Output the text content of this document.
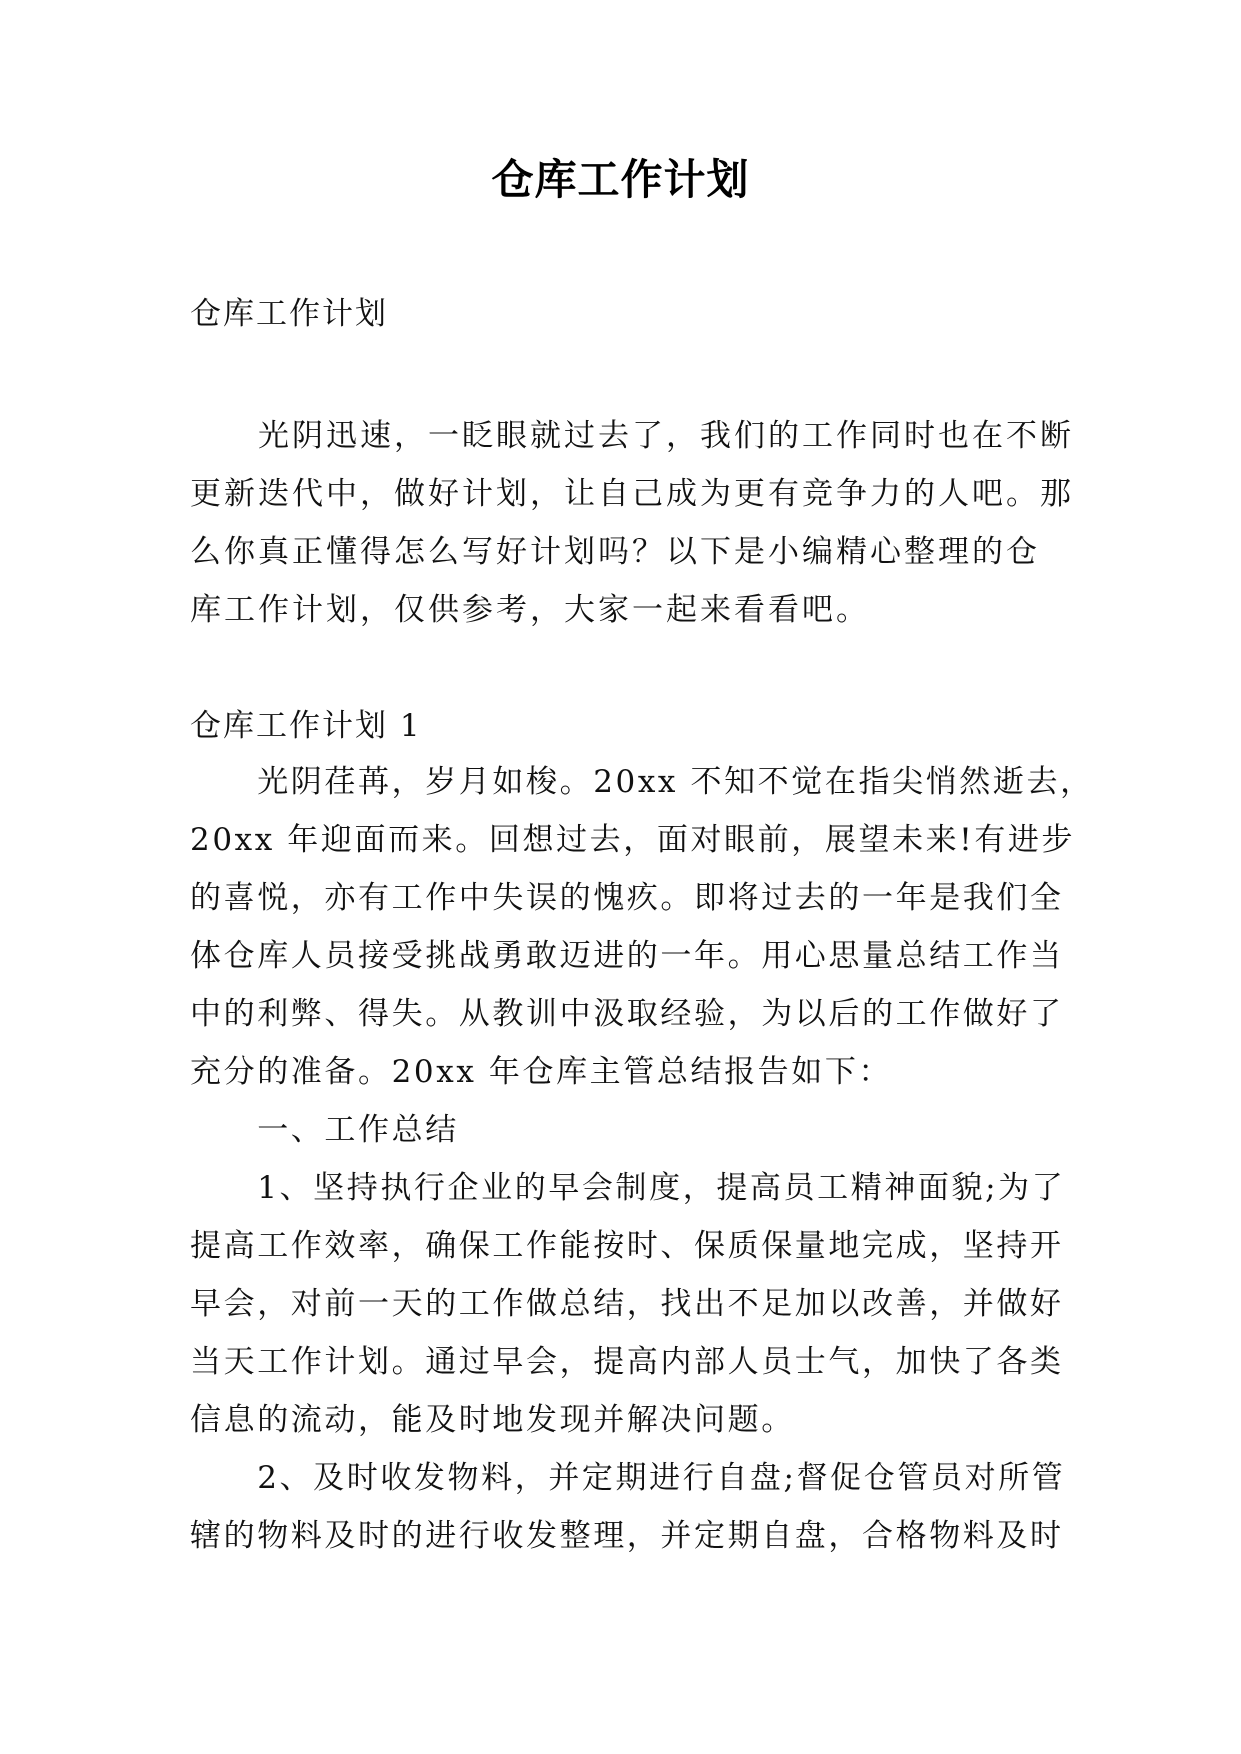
仓库工作计划
仓库工作计划
　　光阴迅速，一眨眼就过去了，我们的工作同时也在不断
更新迭代中，做好计划，让自己成为更有竞争力的人吧。那
么你真正懂得怎么写好计划吗？以下是小编精心整理的仓
库工作计划，仅供参考，大家一起来看看吧。
仓库工作计划 1
　　光阴荏苒，岁月如梭。20xx 不知不觉在指尖悄然逝去，
20xx 年迎面而来。回想过去，面对眼前，展望未来!有进步
的喜悦，亦有工作中失误的愧疚。即将过去的一年是我们全
体仓库人员接受挑战勇敢迈进的一年。用心思量总结工作当
中的利弊、得失。从教训中汲取经验，为以后的工作做好了
充分的准备。20xx 年仓库主管总结报告如下：
　　一、工作总结
　　1、坚持执行企业的早会制度，提高员工精神面貌;为了
提高工作效率，确保工作能按时、保质保量地完成，坚持开
早会，对前一天的工作做总结，找出不足加以改善，并做好
当天工作计划。通过早会，提高内部人员士气，加快了各类
信息的流动，能及时地发现并解决问题。
　　2、及时收发物料，并定期进行自盘;督促仓管员对所管
辖的物料及时的进行收发整理，并定期自盘，合格物料及时
